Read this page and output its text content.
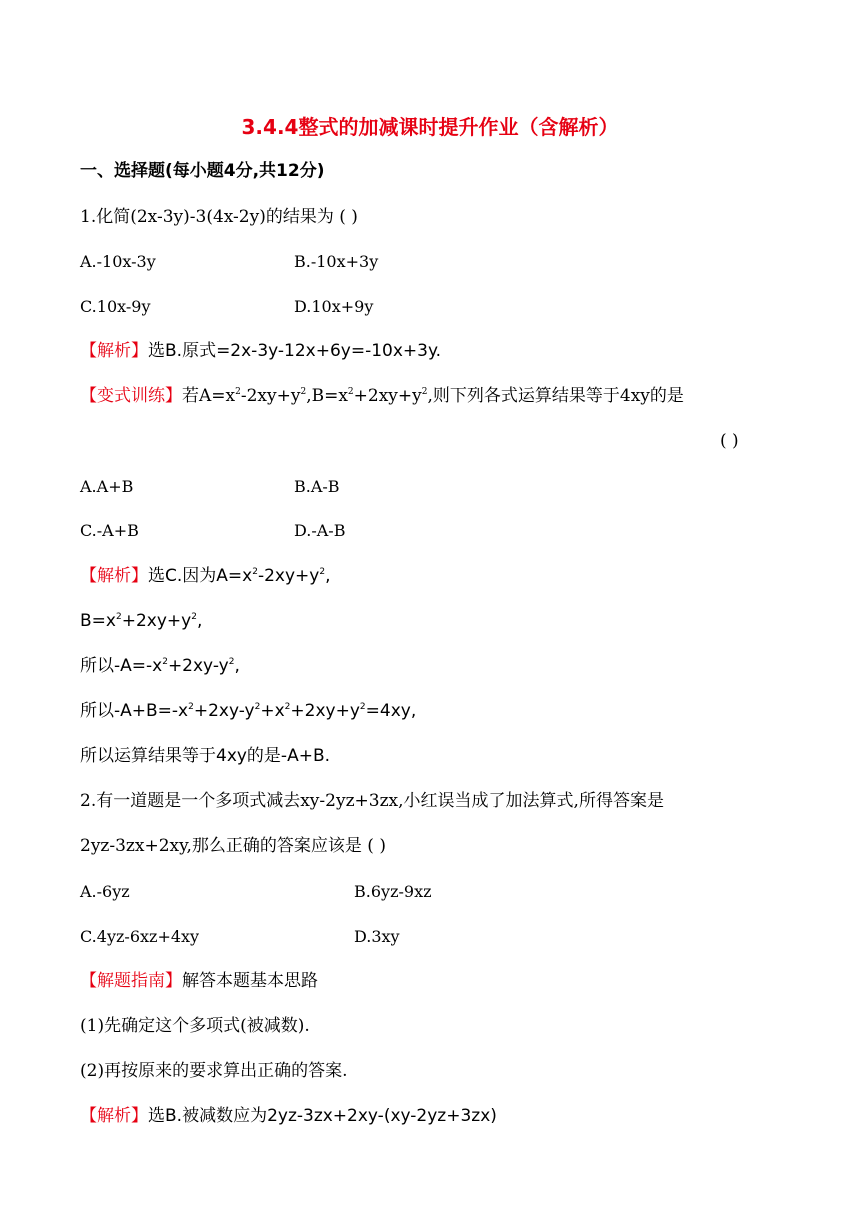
3.4.4整式的加减课时提升作业（含解析）
一、选择题(每小题4分,共12分)
1.化简(2x-3y)-3(4x-2y)的结果为 ( )
A.-10x-3y	B.-10x+3y
C.10x-9y	D.10x+9y
【解析】选B.原式=2x-3y-12x+6y=-10x+3y.
【变式训练】若$A=x^2-2xy+y^2,B=x^2+2xy+y^2$,则下列各式运算结果等于4xy的是
( )
A.A+B	B.A-B
C.-A+B	D.-A-B
【解析】选C.因为$A=x^2-2xy+y^2$,
$B=x^2+2xy+y^2$,
所以$-A=-x^2+2xy-y^2$,
所以$-A+B=-x^2+2xy-y^2+x^2+2xy+y^2=4xy$,
所以运算结果等于4xy的是-A+B.
2.有一道题是一个多项式减去xy-2yz+3zx,小红误当成了加法算式,所得答案是
2yz-3zx+2xy,那么正确的答案应该是 ( )
A.-6yz	B.6yz-9xz
C.4yz-6xz+4xy	D.3xy
【解题指南】解答本题基本思路
(1)先确定这个多项式(被减数).
(2)再按原来的要求算出正确的答案.
【解析】选B.被减数应为2yz-3zx+2xy-(xy-2yz+3zx)
